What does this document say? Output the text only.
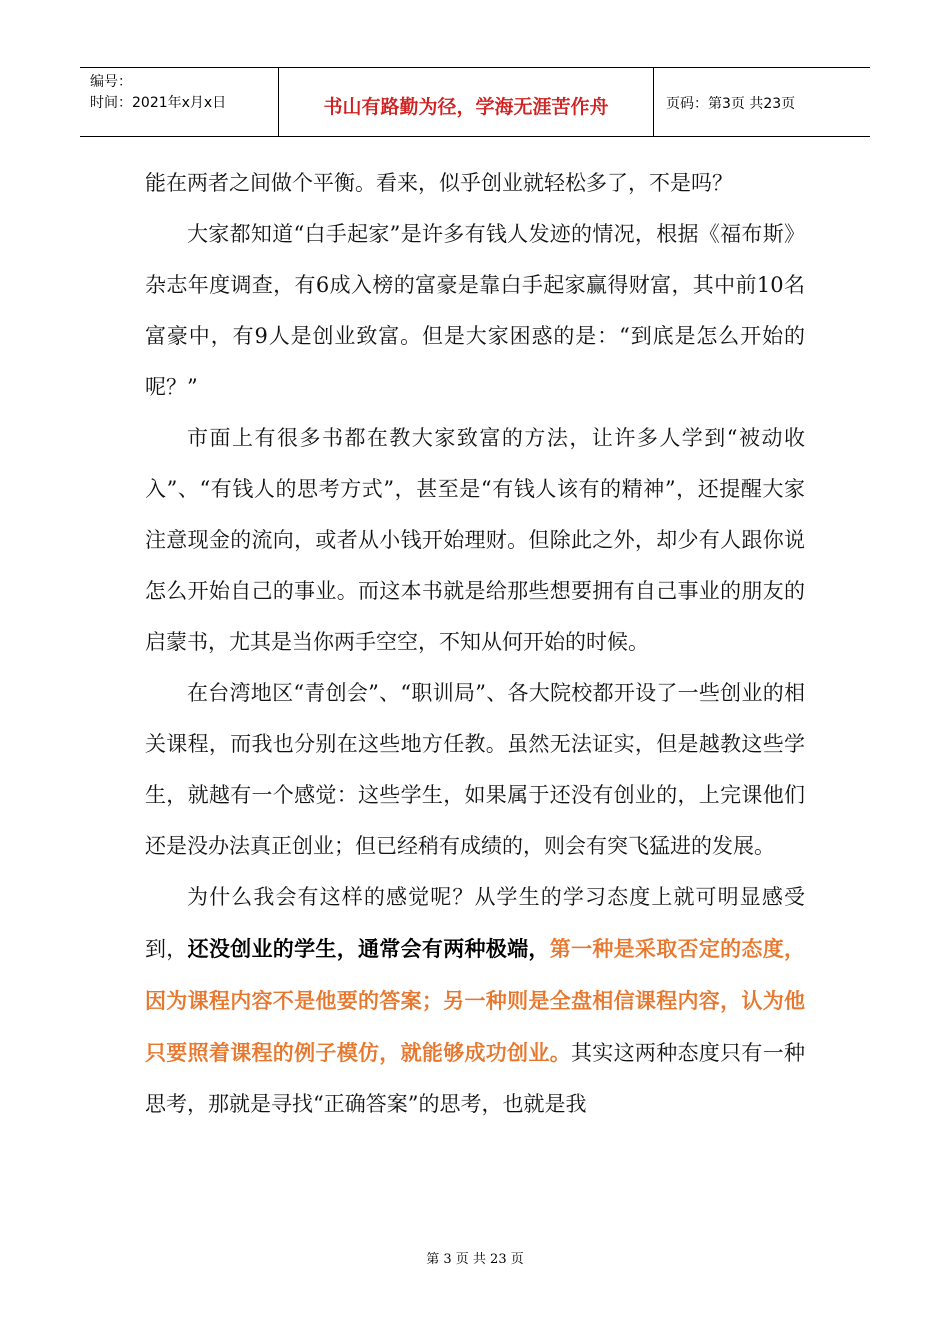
编号：
时间：2021年x月x日	书山有路勤为径，学海无涯苦作舟	页码：第3页 共23页

能在两者之间做个平衡。看来，似乎创业就轻松多了，不是吗？

大家都知道“白手起家”是许多有钱人发迹的情况，根据《福布斯》杂志年度调查，有6成入榜的富豪是靠白手起家赢得财富，其中前10名富豪中，有9人是创业致富。但是大家困惑的是：“到底是怎么开始的呢？”

市面上有很多书都在教大家致富的方法，让许多人学到“被动收入”、“有钱人的思考方式”，甚至是“有钱人该有的精神”，还提醒大家注意现金的流向，或者从小钱开始理财。但除此之外，却少有人跟你说怎么开始自己的事业。而这本书就是给那些想要拥有自己事业的朋友的启蒙书，尤其是当你两手空空，不知从何开始的时候。

在台湾地区“青创会”、“职训局”、各大院校都开设了一些创业的相关课程，而我也分别在这些地方任教。虽然无法证实，但是越教这些学生，就越有一个感觉：这些学生，如果属于还没有创业的，上完课他们还是没办法真正创业；但已经稍有成绩的，则会有突飞猛进的发展。

为什么我会有这样的感觉呢？从学生的学习态度上就可明显感受到，还没创业的学生，通常会有两种极端，第一种是采取否定的态度，因为课程内容不是他要的答案；另一种则是全盘相信课程内容，认为他只要照着课程的例子模仿，就能够成功创业。其实这两种态度只有一种思考，那就是寻找“正确答案”的思考，也就是我

第 3 页 共 23 页
